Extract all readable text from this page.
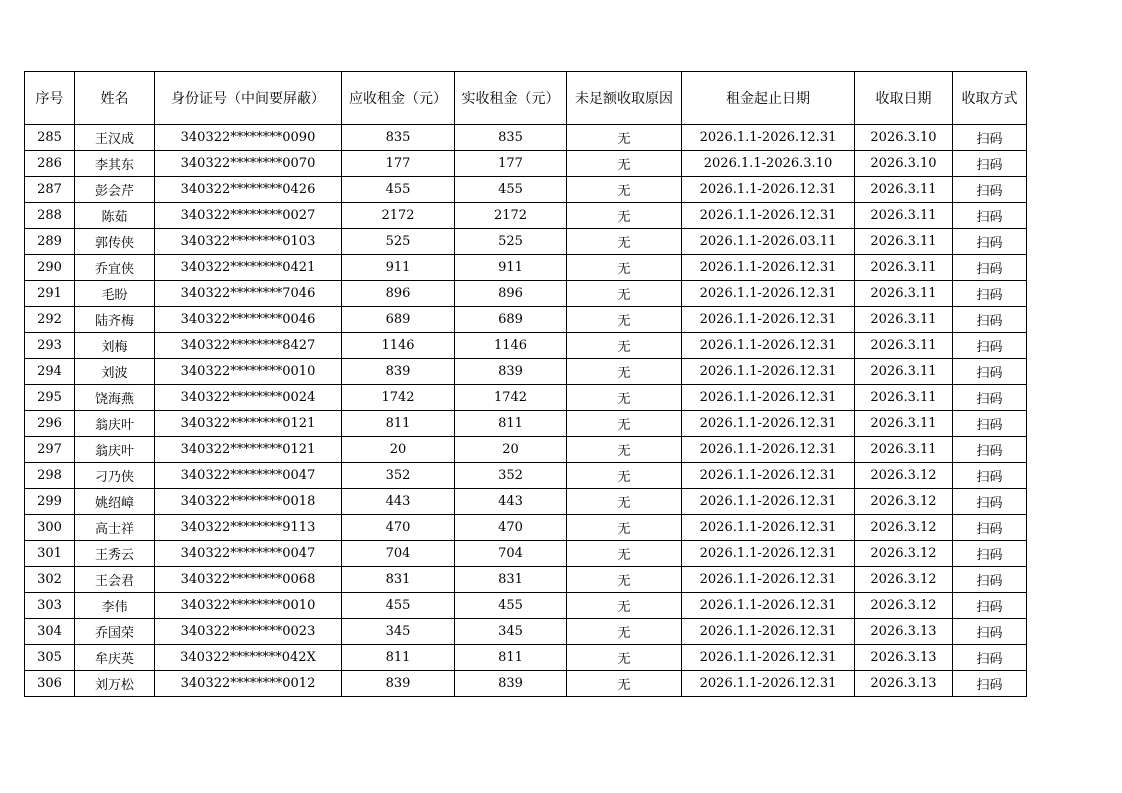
序号	姓名	身份证号（中间要屏蔽）	应收租金（元）	实收租金（元）	未足额收取原因	租金起止日期	收取日期	收取方式
285	王汉成	340322********0090	835	835	无	2026.1.1-2026.12.31	2026.3.10	扫码
286	李其东	340322********0070	177	177	无	2026.1.1-2026.3.10	2026.3.10	扫码
287	彭会芹	340322********0426	455	455	无	2026.1.1-2026.12.31	2026.3.11	扫码
288	陈茹	340322********0027	2172	2172	无	2026.1.1-2026.12.31	2026.3.11	扫码
289	郭传侠	340322********0103	525	525	无	2026.1.1-2026.03.11	2026.3.11	扫码
290	乔宜侠	340322********0421	911	911	无	2026.1.1-2026.12.31	2026.3.11	扫码
291	毛盼	340322********7046	896	896	无	2026.1.1-2026.12.31	2026.3.11	扫码
292	陆齐梅	340322********0046	689	689	无	2026.1.1-2026.12.31	2026.3.11	扫码
293	刘梅	340322********8427	1146	1146	无	2026.1.1-2026.12.31	2026.3.11	扫码
294	刘波	340322********0010	839	839	无	2026.1.1-2026.12.31	2026.3.11	扫码
295	饶海燕	340322********0024	1742	1742	无	2026.1.1-2026.12.31	2026.3.11	扫码
296	翁庆叶	340322********0121	811	811	无	2026.1.1-2026.12.31	2026.3.11	扫码
297	翁庆叶	340322********0121	20	20	无	2026.1.1-2026.12.31	2026.3.11	扫码
298	刁乃侠	340322********0047	352	352	无	2026.1.1-2026.12.31	2026.3.12	扫码
299	姚绍嶂	340322********0018	443	443	无	2026.1.1-2026.12.31	2026.3.12	扫码
300	高士祥	340322********9113	470	470	无	2026.1.1-2026.12.31	2026.3.12	扫码
301	王秀云	340322********0047	704	704	无	2026.1.1-2026.12.31	2026.3.12	扫码
302	王会君	340322********0068	831	831	无	2026.1.1-2026.12.31	2026.3.12	扫码
303	李伟	340322********0010	455	455	无	2026.1.1-2026.12.31	2026.3.12	扫码
304	乔国荣	340322********0023	345	345	无	2026.1.1-2026.12.31	2026.3.13	扫码
305	牟庆英	340322********042X	811	811	无	2026.1.1-2026.12.31	2026.3.13	扫码
306	刘万松	340322********0012	839	839	无	2026.1.1-2026.12.31	2026.3.13	扫码
